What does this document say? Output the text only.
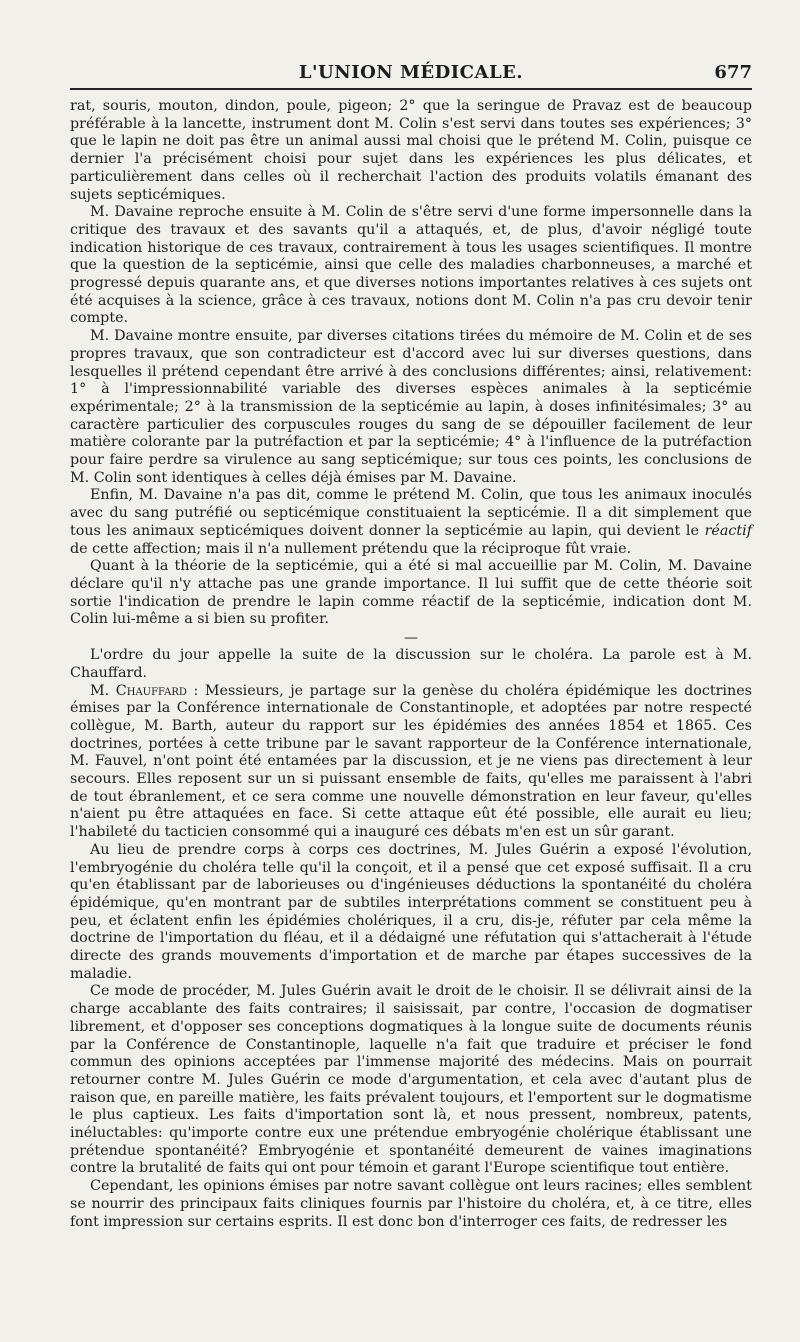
L'UNION MÉDICALE.	677

rat, souris, mouton, dindon, poule, pigeon; 2° que la seringue de Pravaz est de beaucoup préférable à la lancette, instrument dont M. Colin s'est servi dans toutes ses expériences; 3° que le lapin ne doit pas être un animal aussi mal choisi que le prétend M. Colin, puisque ce dernier l'a précisément choisi pour sujet dans les expériences les plus délicates, et particulièrement dans celles où il recherchait l'action des produits volatils émanant des sujets septicémiques.

M. Davaine reproche ensuite à M. Colin de s'être servi d'une forme impersonnelle dans la critique des travaux et des savants qu'il a attaqués, et, de plus, d'avoir négligé toute indication historique de ces travaux, contrairement à tous les usages scientifiques. Il montre que la question de la septicémie, ainsi que celle des maladies charbonneuses, a marché et progressé depuis quarante ans, et que diverses notions importantes relatives à ces sujets ont été acquises à la science, grâce à ces travaux, notions dont M. Colin n'a pas cru devoir tenir compte.

M. Davaine montre ensuite, par diverses citations tirées du mémoire de M. Colin et de ses propres travaux, que son contradicteur est d'accord avec lui sur diverses questions, dans lesquelles il prétend cependant être arrivé à des conclusions différentes; ainsi, relativement: 1° à l'impressionnabilité variable des diverses espèces animales à la septicémie expérimentale; 2° à la transmission de la septicémie au lapin, à doses infinitésimales; 3° au caractère particulier des corpuscules rouges du sang de se dépouiller facilement de leur matière colorante par la putréfaction et par la septicémie; 4° à l'influence de la putréfaction pour faire perdre sa virulence au sang septicémique; sur tous ces points, les conclusions de M. Colin sont identiques à celles déjà émises par M. Davaine.

Enfin, M. Davaine n'a pas dit, comme le prétend M. Colin, que tous les animaux inoculés avec du sang putréfié ou septicémique constituaient la septicémie. Il a dit simplement que tous les animaux septicémiques doivent donner la septicémie au lapin, qui devient le réactif de cette affection; mais il n'a nullement prétendu que la réciproque fût vraie.

Quant à la théorie de la septicémie, qui a été si mal accueillie par M. Colin, M. Davaine déclare qu'il n'y attache pas une grande importance. Il lui suffit que de cette théorie soit sortie l'indication de prendre le lapin comme réactif de la septicémie, indication dont M. Colin lui-même a si bien su profiter.

—

L'ordre du jour appelle la suite de la discussion sur le choléra. La parole est à M. Chauffard.

M. Chauffard : Messieurs, je partage sur la genèse du choléra épidémique les doctrines émises par la Conférence internationale de Constantinople, et adoptées par notre respecté collègue, M. Barth, auteur du rapport sur les épidémies des années 1854 et 1865. Ces doctrines, portées à cette tribune par le savant rapporteur de la Conférence internationale, M. Fauvel, n'ont point été entamées par la discussion, et je ne viens pas directement à leur secours. Elles reposent sur un si puissant ensemble de faits, qu'elles me paraissent à l'abri de tout ébranlement, et ce sera comme une nouvelle démonstration en leur faveur, qu'elles n'aient pu être attaquées en face. Si cette attaque eût été possible, elle aurait eu lieu; l'habileté du tacticien consommé qui a inauguré ces débats m'en est un sûr garant.

Au lieu de prendre corps à corps ces doctrines, M. Jules Guérin a exposé l'évolution, l'embryogénie du choléra telle qu'il la conçoit, et il a pensé que cet exposé suffisait. Il a cru qu'en établissant par de laborieuses ou d'ingénieuses déductions la spontanéité du choléra épidémique, qu'en montrant par de subtiles interprétations comment se constituent peu à peu, et éclatent enfin les épidémies cholériques, il a cru, dis-je, réfuter par cela même la doctrine de l'importation du fléau, et il a dédaigné une réfutation qui s'attacherait à l'étude directe des grands mouvements d'importation et de marche par étapes successives de la maladie.

Ce mode de procéder, M. Jules Guérin avait le droit de le choisir. Il se délivrait ainsi de la charge accablante des faits contraires; il saisissait, par contre, l'occasion de dogmatiser librement, et d'opposer ses conceptions dogmatiques à la longue suite de documents réunis par la Conférence de Constantinople, laquelle n'a fait que traduire et préciser le fond commun des opinions acceptées par l'immense majorité des médecins. Mais on pourrait retourner contre M. Jules Guérin ce mode d'argumentation, et cela avec d'autant plus de raison que, en pareille matière, les faits prévalent toujours, et l'emportent sur le dogmatisme le plus captieux. Les faits d'importation sont là, et nous pressent, nombreux, patents, inéluctables: qu'importe contre eux une prétendue embryogénie cholérique établissant une prétendue spontanéité? Embryogénie et spontanéité demeurent de vaines imaginations contre la brutalité de faits qui ont pour témoin et garant l'Europe scientifique tout entière.

Cependant, les opinions émises par notre savant collègue ont leurs racines; elles semblent se nourrir des principaux faits cliniques fournis par l'histoire du choléra, et, à ce titre, elles font impression sur certains esprits. Il est donc bon d'interroger ces faits, de redresser les
